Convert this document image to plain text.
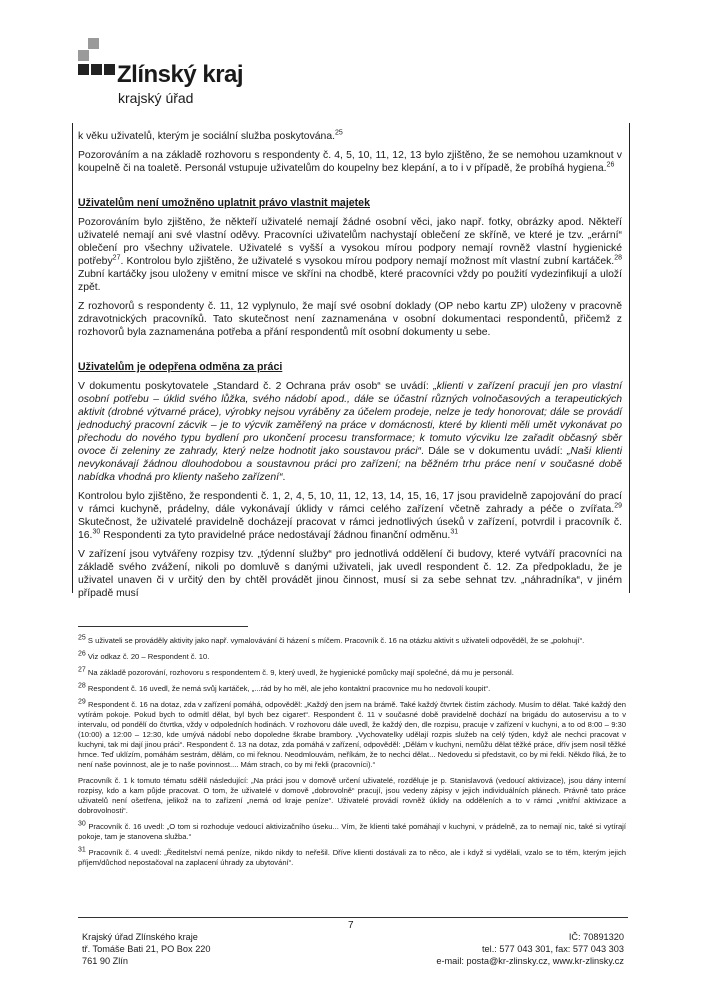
Zlínský kraj
krajský úřad

k věku uživatelů, kterým je sociální služba poskytována.$^{25}$

Pozorováním a na základě rozhovoru s respondenty č. 4, 5, 10, 11, 12, 13 bylo zjištěno, že se nemohou uzamknout v koupelně či na toaletě. Personál vstupuje uživatelům do koupelny bez klepání, a to i v případě, že probíhá hygiena.$^{26}$

Uživatelům není umožněno uplatnit právo vlastnit majetek

Pozorováním bylo zjištěno, že někteří uživatelé nemají žádné osobní věci, jako např. fotky, obrázky apod. Někteří uživatelé nemají ani své vlastní oděvy. Pracovníci uživatelům nachystají oblečení ze skříně, ve které je tzv. „erární“ oblečení pro všechny uživatele. Uživatelé s vyšší a vysokou mírou podpory nemají rovněž vlastní hygienické potřeby$^{27}$. Kontrolou bylo zjištěno, že uživatelé s vysokou mírou podpory nemají možnost mít vlastní zubní kartáček.$^{28}$ Zubní kartáčky jsou uloženy v emitní misce ve skříni na chodbě, které pracovníci vždy po použití vydezinfikují a uloží zpět.

Z rozhovorů s respondenty č. 11, 12 vyplynulo, že mají své osobní doklady (OP nebo kartu ZP) uloženy v pracovně zdravotnických pracovníků. Tato skutečnost není zaznamenána v osobní dokumentaci respondentů, přičemž z rozhovorů byla zaznamenána potřeba a přání respondentů mít osobní dokumenty u sebe.

Uživatelům je odepřena odměna za práci

V dokumentu poskytovatele „Standard č. 2 Ochrana práv osob“ se uvádí: „klienti v zařízení pracují jen pro vlastní osobní potřebu – úklid svého lůžka, svého nádobí apod., dále se účastní různých volnočasových a terapeutických aktivit (drobné výtvarné práce), výrobky nejsou vyráběny za účelem prodeje, nelze je tedy honorovat; dále se provádí jednoduchý pracovní zácvik – je to výcvik zaměřený na práce v domácnosti, které by klienti měli umět vykonávat po přechodu do nového typu bydlení pro ukončení procesu transformace; k tomuto výcviku lze zařadit občasný sběr ovoce či zeleniny ze zahrady, který nelze hodnotit jako soustavou práci“. Dále se v dokumentu uvádí: „Naši klienti nevykonávají žádnou dlouhodobou a soustavnou práci pro zařízení; na běžném trhu práce není v současné době nabídka vhodná pro klienty našeho zařízení“.

Kontrolou bylo zjištěno, že respondenti č. 1, 2, 4, 5, 10, 11, 12, 13, 14, 15, 16, 17 jsou pravidelně zapojování do prací v rámci kuchyně, prádelny, dále vykonávají úklidy v rámci celého zařízení včetně zahrady a péče o zvířata.$^{29}$ Skutečnost, že uživatelé pravidelně docházejí pracovat v rámci jednotlivých úseků v zařízení, potvrdil i pracovník č. 16.30 Respondenti za tyto pravidelné práce nedostávají žádnou finanční odměnu.$^{31}$

V zařízení jsou vytvářeny rozpisy tzv. „týdenní služby“ pro jednotlivá oddělení či budovy, které vytváří pracovníci na základě svého zvážení, nikoli po domluvě s danými uživateli, jak uvedl respondent č. 12. Za předpokladu, že je uživatel unaven či v určitý den by chtěl provádět jinou činnost, musí si za sebe sehnat tzv. „náhradníka“, v jiném případě musí

$^{25}$ S uživateli se prováděly aktivity jako např. vymalovávání či házení s míčem. Pracovník č. 16 na otázku aktivit s uživateli odpověděl, že se „polohují“.

$^{26}$ Viz odkaz č. 20 – Respondent č. 10.

$^{27}$ Na základě pozorování, rozhovoru s respondentem č. 9, který uvedl, že hygienické pomůcky mají společné, dá mu je personál.

$^{28}$ Respondent č. 16 uvedl, že nemá svůj kartáček, „...rád by ho měl, ale jeho kontaktní pracovnice mu ho nedovolí koupit“.

$^{29}$ Respondent č. 16 na dotaz, zda v zařízení pomáhá, odpověděl: „Každý den jsem na brámě. Také každý čtvrtek čistím záchody. Musím to dělat. Také každý den vytírám pokoje. Pokud bych to odmítl dělat, byl bych bez cigaret“. Respondent č. 11 v současné době pravidelně dochází na brigádu do autoservisu a to v intervalu, od pondělí do čtvrtka, vždy v odpoledních hodinách. V rozhovoru dále uvedl, že každý den, dle rozpisu, pracuje v zařízení v kuchyni, a to od 8:00 – 9:30 (10:00) a 12:00 – 12:30, kde umývá nádobí nebo dopoledne škrabe brambory. „Vychovatelky udělají rozpis služeb na celý týden, když ale nechci pracovat v kuchyni, tak mi dají jinou práci“. Respondent č. 13 na dotaz, zda pomáhá v zařízení, odpověděl: „Dělám v kuchyni, nemůžu dělat těžké práce, dřív jsem nosil těžké hrnce. Teď uklízím, pomáhám sestrám, dělám, co mi řeknou. Neodmlouvám, neříkám, že to nechci dělat... Nedovedu si představit, co by mi řekli. Někdo říká, že to není naše povinnost, ale je to naše povinnost.... Mám strach, co by mi řekli (pracovníci).“

Pracovník č. 1 k tomuto tématu sdělil následující: „Na práci jsou v domově určení uživatelé, rozděluje je p. Stanislavová (vedoucí aktivizace), jsou dány interní rozpisy, kdo a kam půjde pracovat. O tom, že uživatelé v domově „dobrovolně“ pracují, jsou vedeny zápisy v jejich individuálních plánech. Právně tato práce uživatelů není ošetřena, jelikož na to zařízení „nemá od kraje peníze“. Uživatelé provádí rovněž úklidy na odděleních a to v rámci „vnitřní aktivizace a dobrovolnosti“.

$^{30}$ Pracovník č. 16 uvedl: „O tom si rozhoduje vedoucí aktivizačního úseku... Vím, že klienti také pomáhají v kuchyni, v prádelně, za to nemají nic, také si vytírají pokoje, tam je stanovena služba.“

$^{31}$ Pracovník č. 4 uvedl: „Ředitelství nemá peníze, nikdo nikdy to neřešil. Dříve klienti dostávali za to něco, ale i když si vydělali, vzalo se to těm, kterým jejich příjem/důchod nepostačoval na zaplacení úhrady za ubytování“.

7
Krajský úřad Zlínského kraje
tř. Tomáše Bati 21, PO Box 220
761 90 Zlín
IČ: 70891320
tel.: 577 043 301, fax: 577 043 303
e-mail: posta@kr-zlinsky.cz, www.kr-zlinsky.cz
